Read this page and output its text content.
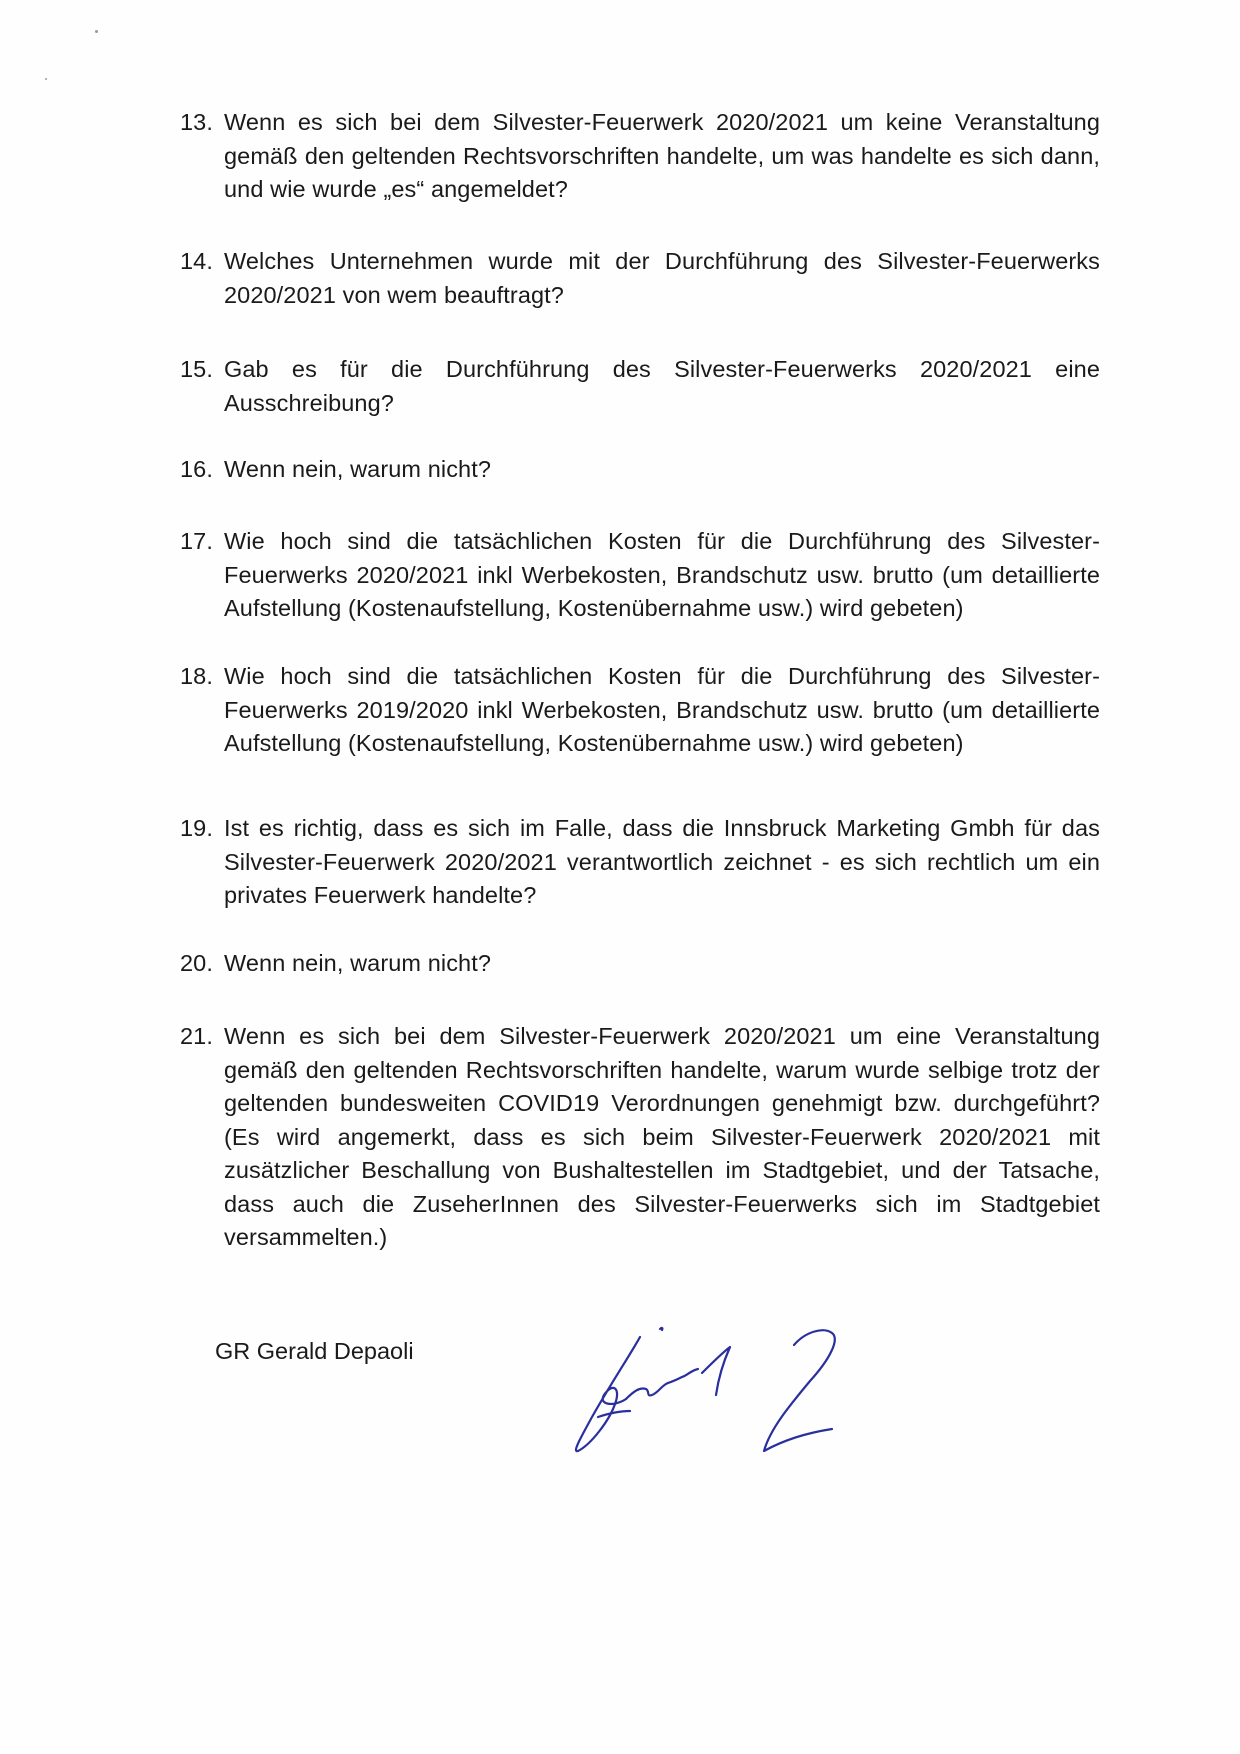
13. Wenn es sich bei dem Silvester-Feuerwerk 2020/2021 um keine Veranstaltung gemäß den geltenden Rechtsvorschriften handelte, um was handelte es sich dann, und wie wurde „es“ angemeldet?
14. Welches Unternehmen wurde mit der Durchführung des Silvester-Feuerwerks 2020/2021 von wem beauftragt?
15. Gab es für die Durchführung des Silvester-Feuerwerks 2020/2021 eine Ausschreibung?
16. Wenn nein, warum nicht?
17. Wie hoch sind die tatsächlichen Kosten für die Durchführung des Silvester-Feuerwerks 2020/2021 inkl Werbekosten, Brandschutz usw. brutto (um detaillierte Aufstellung (Kostenaufstellung, Kostenübernahme usw.) wird gebeten)
18. Wie hoch sind die tatsächlichen Kosten für die Durchführung des Silvester-Feuerwerks 2019/2020 inkl Werbekosten, Brandschutz usw. brutto (um detaillierte Aufstellung (Kostenaufstellung, Kostenübernahme usw.) wird gebeten)
19. Ist es richtig, dass es sich im Falle, dass die Innsbruck Marketing Gmbh für das Silvester-Feuerwerk 2020/2021 verantwortlich zeichnet - es sich rechtlich um ein privates Feuerwerk handelte?
20. Wenn nein, warum nicht?
21. Wenn es sich bei dem Silvester-Feuerwerk 2020/2021 um eine Veranstaltung gemäß den geltenden Rechtsvorschriften handelte, warum wurde selbige trotz der geltenden bundesweiten COVID19 Verordnungen genehmigt bzw. durchgeführt? (Es wird angemerkt, dass es sich beim Silvester-Feuerwerk 2020/2021 mit zusätzlicher Beschallung von Bushaltestellen im Stadtgebiet, und der Tatsache, dass auch die ZuseherInnen des Silvester-Feuerwerks sich im Stadtgebiet versammelten.)
GR Gerald Depaoli
